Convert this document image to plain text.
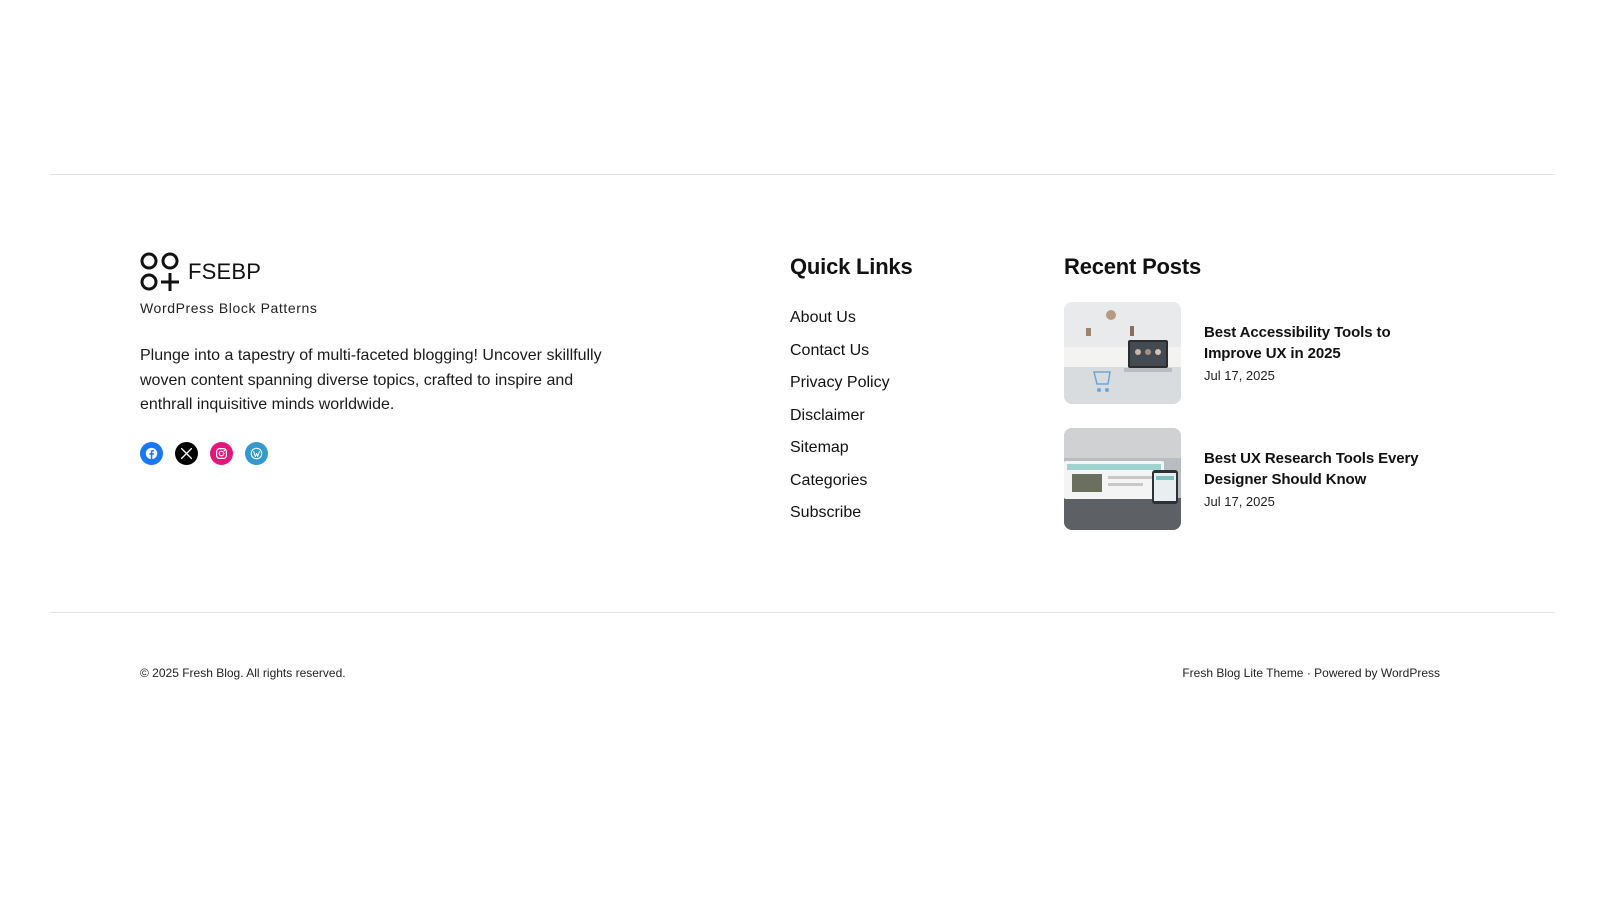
FSEBP
WordPress Block Patterns
Plunge into a tapestry of multi-faceted blogging! Uncover skillfully woven content spanning diverse topics, crafted to inspire and enthrall inquisitive minds worldwide.
Quick Links
About Us
Contact Us
Privacy Policy
Disclaimer
Sitemap
Categories
Subscribe
Recent Posts
Best Accessibility Tools to Improve UX in 2025
Jul 17, 2025
Best UX Research Tools Every Designer Should Know
Jul 17, 2025
© 2025 Fresh Blog. All rights reserved.	Fresh Blog Lite Theme · Powered by WordPress
